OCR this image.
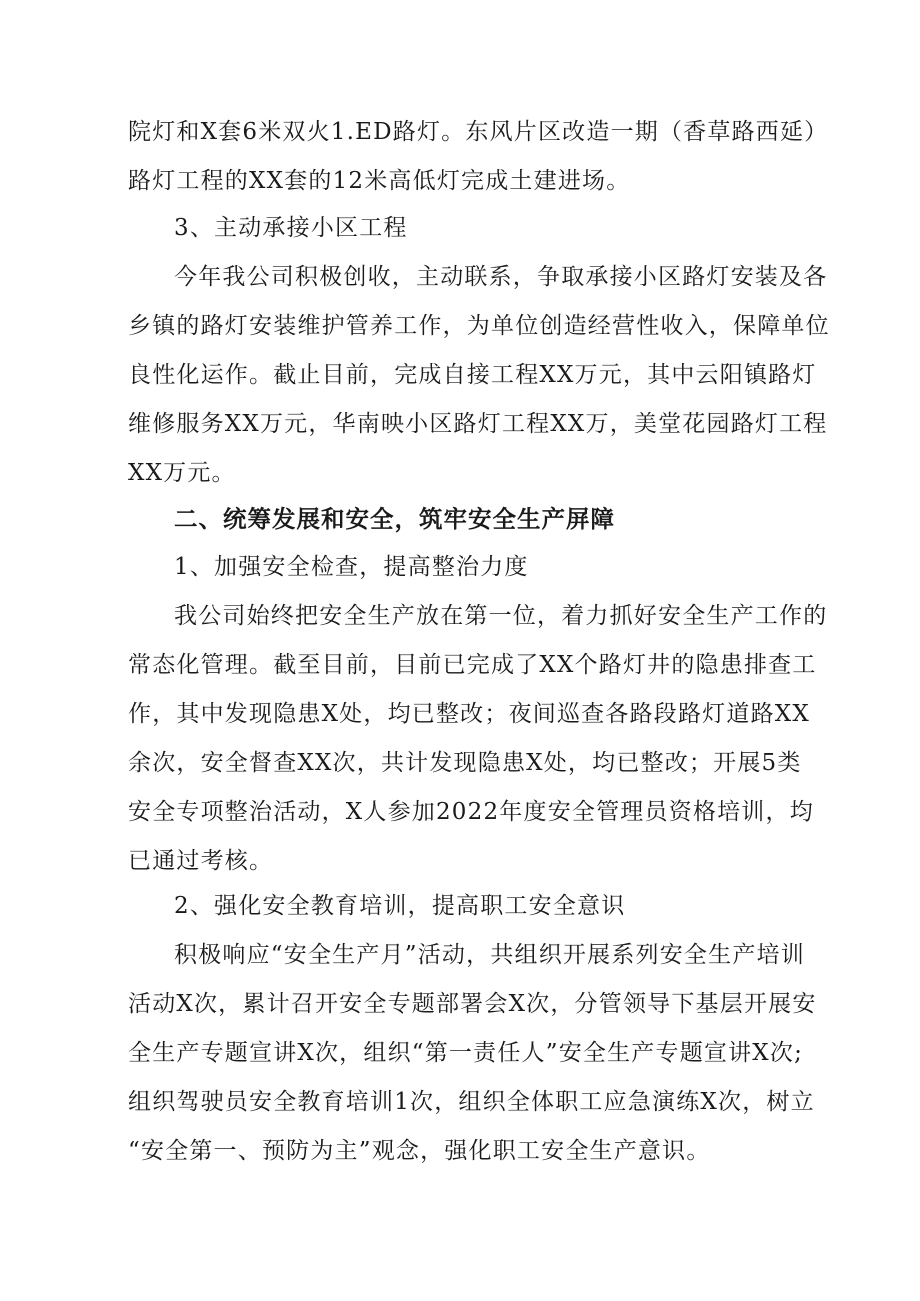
院灯和X套6米双火1.ED路灯。东风片区改造一期（香草路西延）
路灯工程的XX套的12米高低灯完成土建进场。

3、主动承接小区工程

今年我公司积极创收，主动联系，争取承接小区路灯安装及各
乡镇的路灯安装维护管养工作，为单位创造经营性收入，保障单位
良性化运作。截止目前，完成自接工程XX万元，其中云阳镇路灯
维修服务XX万元，华南映小区路灯工程XX万，美堂花园路灯工程
XX万元。

二、统筹发展和安全，筑牢安全生产屏障

1、加强安全检查，提高整治力度

我公司始终把安全生产放在第一位，着力抓好安全生产工作的
常态化管理。截至目前，目前已完成了XX个路灯井的隐患排查工
作，其中发现隐患X处，均已整改；夜间巡查各路段路灯道路XX
余次，安全督查XX次，共计发现隐患X处，均已整改；开展5类
安全专项整治活动，X人参加2022年度安全管理员资格培训，均
已通过考核。

2、强化安全教育培训，提高职工安全意识

积极响应“安全生产月”活动，共组织开展系列安全生产培训
活动X次，累计召开安全专题部署会X次，分管领导下基层开展安
全生产专题宣讲X次，组织“第一责任人”安全生产专题宣讲X次;
组织驾驶员安全教育培训1次，组织全体职工应急演练X次，树立
“安全第一、预防为主”观念，强化职工安全生产意识。
